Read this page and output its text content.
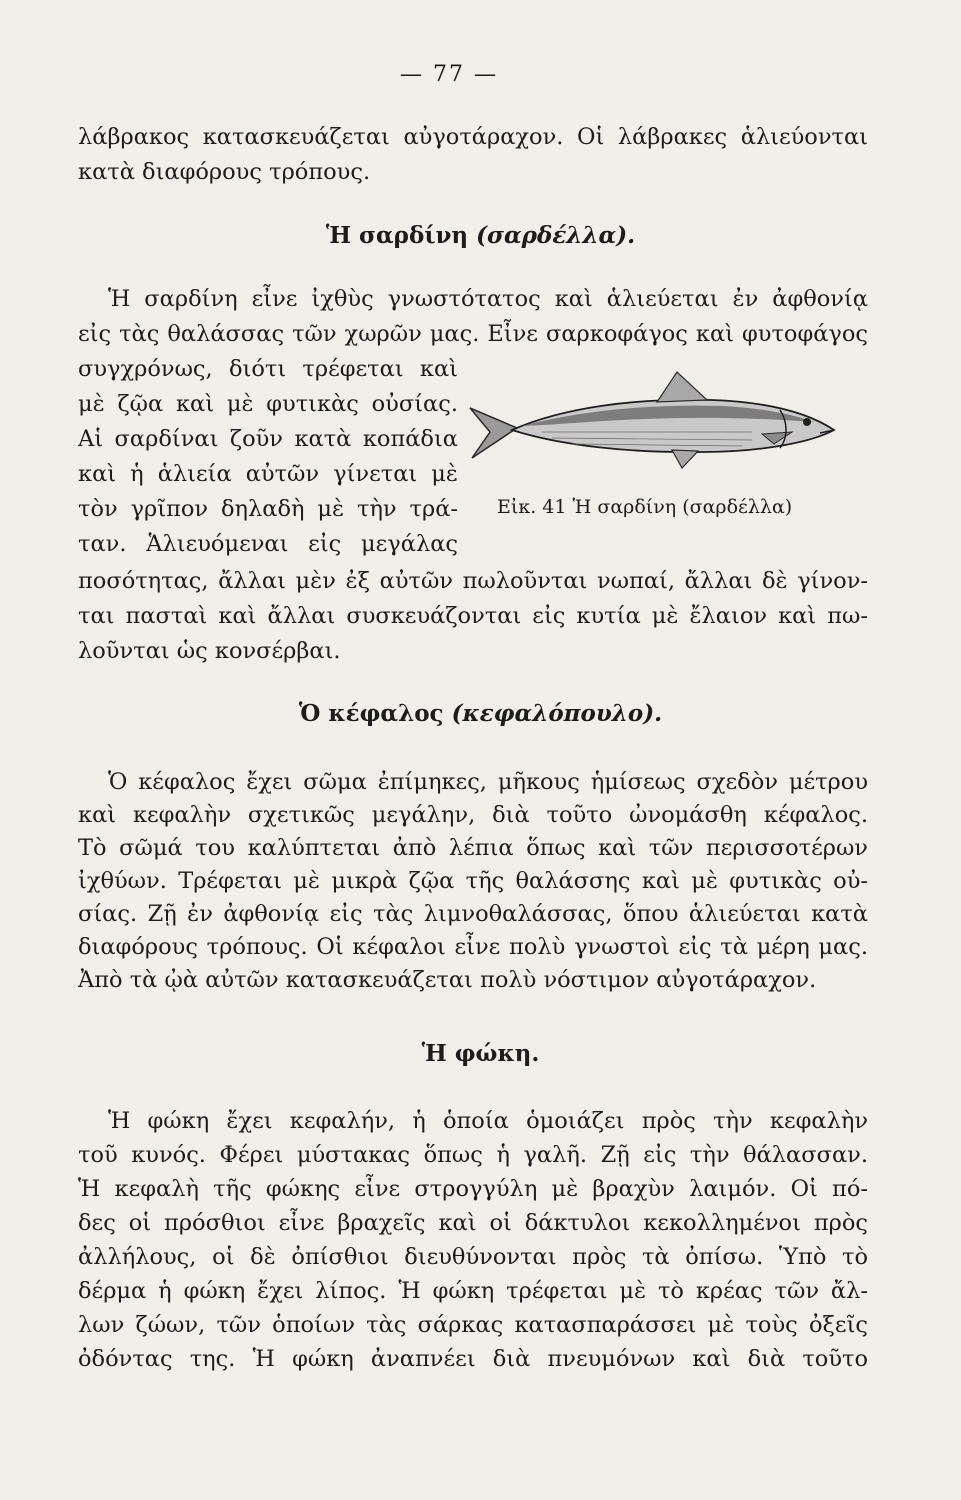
— 77 —
λάβρακος κατασκευάζεται αὐγοτάραχον. Οἱ λάβρακες ἁλιεύονται
κατὰ διαφόρους τρόπους.
Ἡ σαρδίνη (σαρδέλλα).
Ἡ σαρδίνη εἶνε ἰχθὺς γνωστότατος καὶ ἁλιεύεται ἐν ἀφθονίᾳ
εἰς τὰς θαλάσσας τῶν χωρῶν μας. Εἶνε σαρκοφάγος καὶ φυτοφάγος
συγχρόνως, διότι τρέφεται καὶ
μὲ ζῷα καὶ μὲ φυτικὰς οὐσίας.
Αἱ σαρδίναι ζοῦν κατὰ κοπάδια
καὶ ἡ ἁλιεία αὐτῶν γίνεται μὲ
τὸν γρῖπον δηλαδὴ μὲ τὴν τρά-
ταν. Ἁλιευόμεναι εἰς μεγάλας
Εἰκ. 41 Ἡ σαρδίνη (σαρδέλλα)
ποσότητας, ἄλλαι μὲν ἐξ αὐτῶν πωλοῦνται νωπαί, ἄλλαι δὲ γίνον-
ται πασταὶ καὶ ἄλλαι συσκευάζονται εἰς κυτία μὲ ἔλαιον καὶ πω-
λοῦνται ὡς κονσέρβαι.
Ὁ κέφαλος (κεφαλόπουλο).
Ὁ κέφαλος ἔχει σῶμα ἐπίμηκες, μῆκους ἡμίσεως σχεδὸν μέτρου
καὶ κεφαλὴν σχετικῶς μεγάλην, διὰ τοῦτο ὠνομάσθη κέφαλος.
Τὸ σῶμά του καλύπτεται ἀπὸ λέπια ὅπως καὶ τῶν περισσοτέρων
ἰχθύων. Τρέφεται μὲ μικρὰ ζῷα τῆς θαλάσσης καὶ μὲ φυτικὰς οὐ-
σίας. Ζῇ ἐν ἀφθονίᾳ εἰς τὰς λιμνοθαλάσσας, ὅπου ἁλιεύεται κατὰ
διαφόρους τρόπους. Οἱ κέφαλοι εἶνε πολὺ γνωστοὶ εἰς τὰ μέρη μας.
Ἀπὸ τὰ ᾠὰ αὐτῶν κατασκευάζεται πολὺ νόστιμον αὐγοτάραχον.
Ἡ φώκη.
Ἡ φώκη ἔχει κεφαλήν, ἡ ὁποία ὁμοιάζει πρὸς τὴν κεφαλὴν
τοῦ κυνός. Φέρει μύστακας ὅπως ἡ γαλῆ. Ζῇ εἰς τὴν θάλασσαν.
Ἡ κεφαλὴ τῆς φώκης εἶνε στρογγύλη μὲ βραχὺν λαιμόν. Οἱ πό-
δες οἱ πρόσθιοι εἶνε βραχεῖς καὶ οἱ δάκτυλοι κεκολλημένοι πρὸς
ἀλλήλους, οἱ δὲ ὀπίσθιοι διευθύνονται πρὸς τὰ ὀπίσω. Ὑπὸ τὸ
δέρμα ἡ φώκη ἔχει λίπος. Ἡ φώκη τρέφεται μὲ τὸ κρέας τῶν ἄλ-
λων ζώων, τῶν ὁποίων τὰς σάρκας κατασπαράσσει μὲ τοὺς ὀξεῖς
ὀδόντας της. Ἡ φώκη ἀναπνέει διὰ πνευμόνων καὶ διὰ τοῦτο
